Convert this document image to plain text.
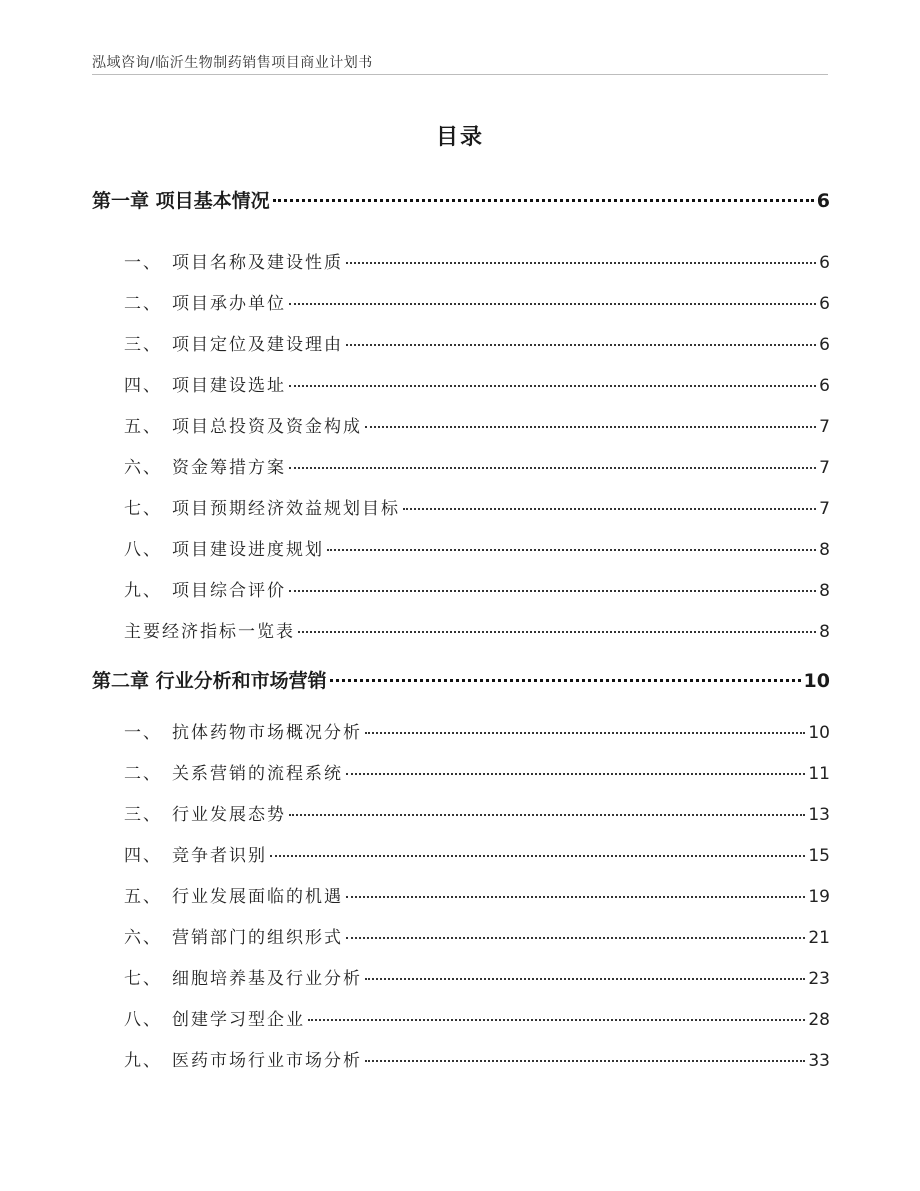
泓域咨询/临沂生物制药销售项目商业计划书
目录
第一章 项目基本情况	6
一、 项目名称及建设性质	6
二、 项目承办单位	6
三、 项目定位及建设理由	6
四、 项目建设选址	6
五、 项目总投资及资金构成	7
六、 资金筹措方案	7
七、 项目预期经济效益规划目标	7
八、 项目建设进度规划	8
九、 项目综合评价	8
主要经济指标一览表	8
第二章 行业分析和市场营销	10
一、 抗体药物市场概况分析	10
二、 关系营销的流程系统	11
三、 行业发展态势	13
四、 竞争者识别	15
五、 行业发展面临的机遇	19
六、 营销部门的组织形式	21
七、 细胞培养基及行业分析	23
八、 创建学习型企业	28
九、 医药市场行业市场分析	33
